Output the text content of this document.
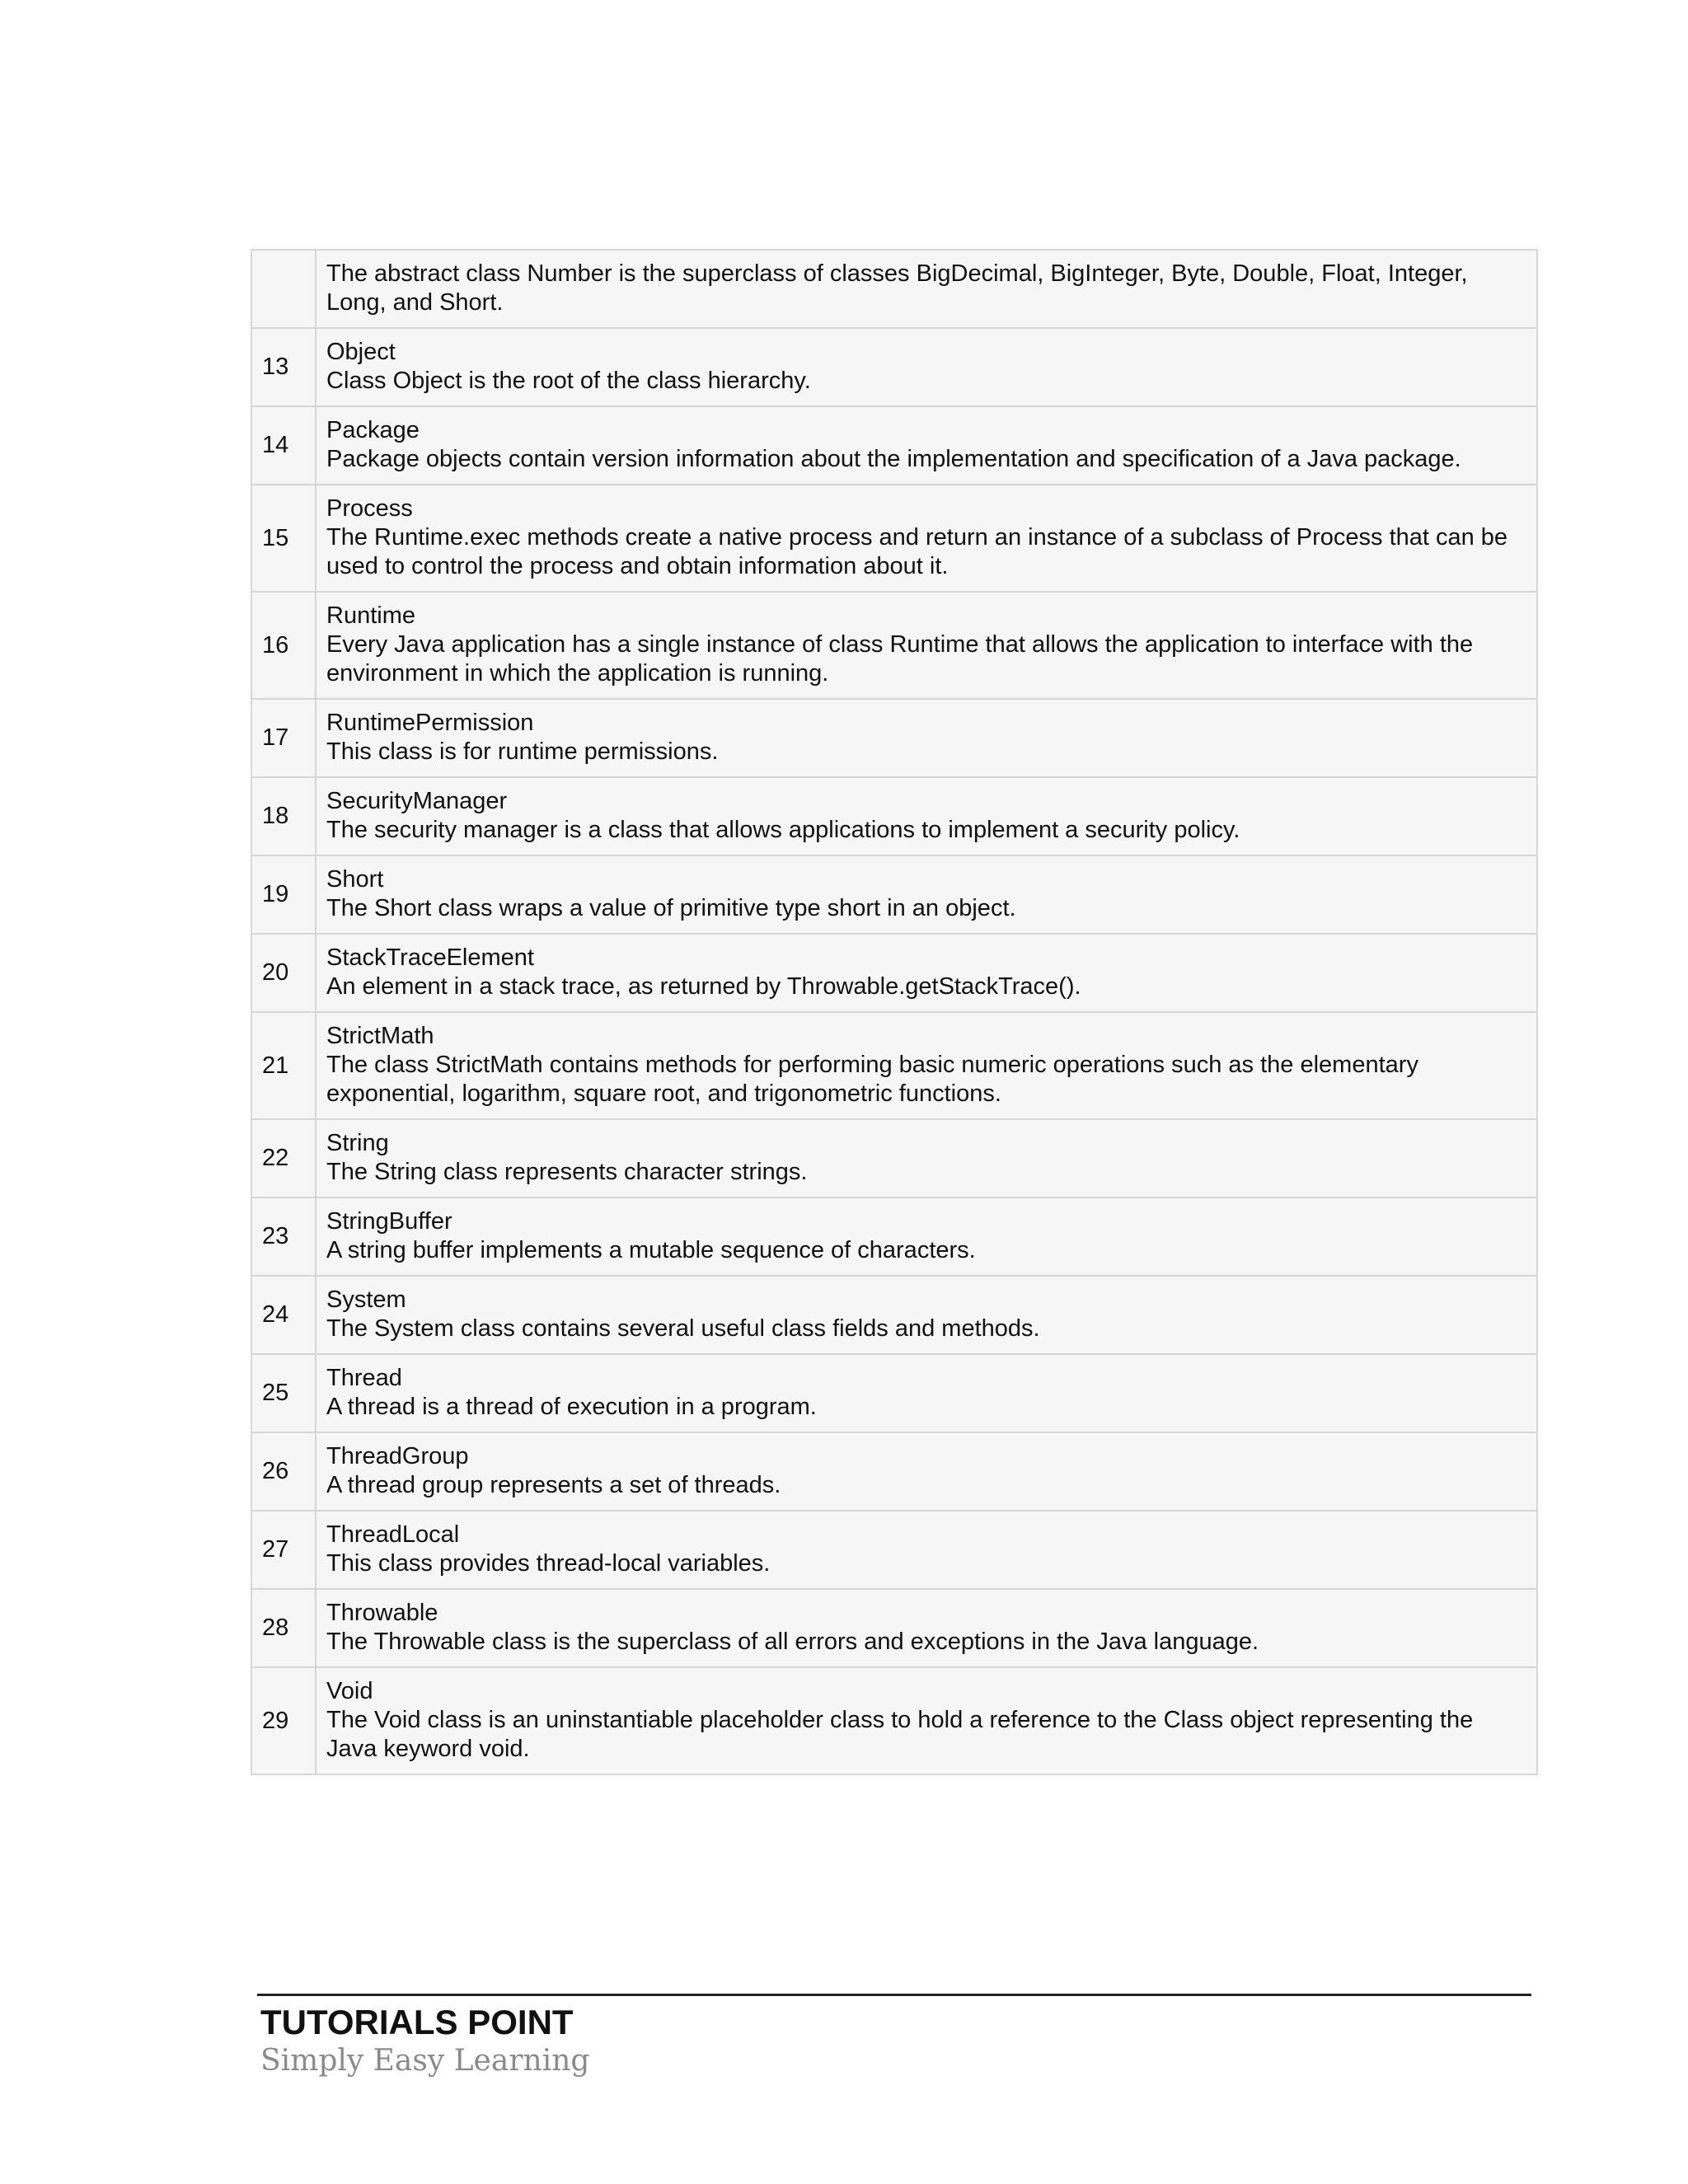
	The abstract class Number is the superclass of classes BigDecimal, BigInteger, Byte, Double, Float, Integer, Long, and Short.

13	Object
Class Object is the root of the class hierarchy.

14	Package
Package objects contain version information about the implementation and specification of a Java package.

15	Process
The Runtime.exec methods create a native process and return an instance of a subclass of Process that can be used to control the process and obtain information about it.

16	Runtime
Every Java application has a single instance of class Runtime that allows the application to interface with the environment in which the application is running.

17	RuntimePermission
This class is for runtime permissions.

18	SecurityManager
The security manager is a class that allows applications to implement a security policy.

19	Short
The Short class wraps a value of primitive type short in an object.

20	StackTraceElement
An element in a stack trace, as returned by Throwable.getStackTrace().

21	StrictMath
The class StrictMath contains methods for performing basic numeric operations such as the elementary exponential, logarithm, square root, and trigonometric functions.

22	String
The String class represents character strings.

23	StringBuffer
A string buffer implements a mutable sequence of characters.

24	System
The System class contains several useful class fields and methods.

25	Thread
A thread is a thread of execution in a program.

26	ThreadGroup
A thread group represents a set of threads.

27	ThreadLocal
This class provides thread-local variables.

28	Throwable
The Throwable class is the superclass of all errors and exceptions in the Java language.

29	Void
The Void class is an uninstantiable placeholder class to hold a reference to the Class object representing the Java keyword void.
TUTORIALS POINT
Simply Easy Learning
